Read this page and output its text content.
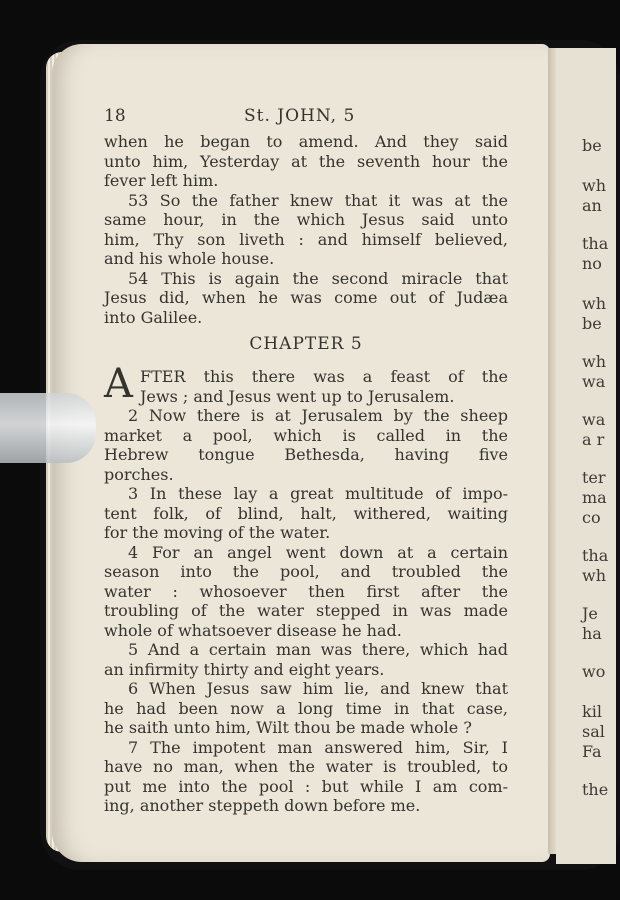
be
wh
an
tha
no
wh
be
wh
wa
wa
a r
ter
ma
co
tha
wh
Je
ha
wo
kil
sal
Fa
the
18	St. JOHN, 5
when he began to amend. And they said
unto him, Yesterday at the seventh hour the
fever left him.
53 So the father knew that it was at the
same hour, in the which Jesus said unto
him, Thy son liveth : and himself believed,
and his whole house.
54 This is again the second miracle that
Jesus did, when he was come out of Judæa
into Galilee.
CHAPTER 5
A FTER this there was a feast of the
Jews ; and Jesus went up to Jerusalem.
2 Now there is at Jerusalem by the sheep
market a pool, which is called in the
Hebrew tongue Bethesda, having five
porches.
3 In these lay a great multitude of impo-
tent folk, of blind, halt, withered, waiting
for the moving of the water.
4 For an angel went down at a certain
season into the pool, and troubled the
water : whosoever then first after the
troubling of the water stepped in was made
whole of whatsoever disease he had.
5 And a certain man was there, which had
an infirmity thirty and eight years.
6 When Jesus saw him lie, and knew that
he had been now a long time in that case,
he saith unto him, Wilt thou be made whole ?
7 The impotent man answered him, Sir, I
have no man, when the water is troubled, to
put me into the pool : but while I am com-
ing, another steppeth down before me.
